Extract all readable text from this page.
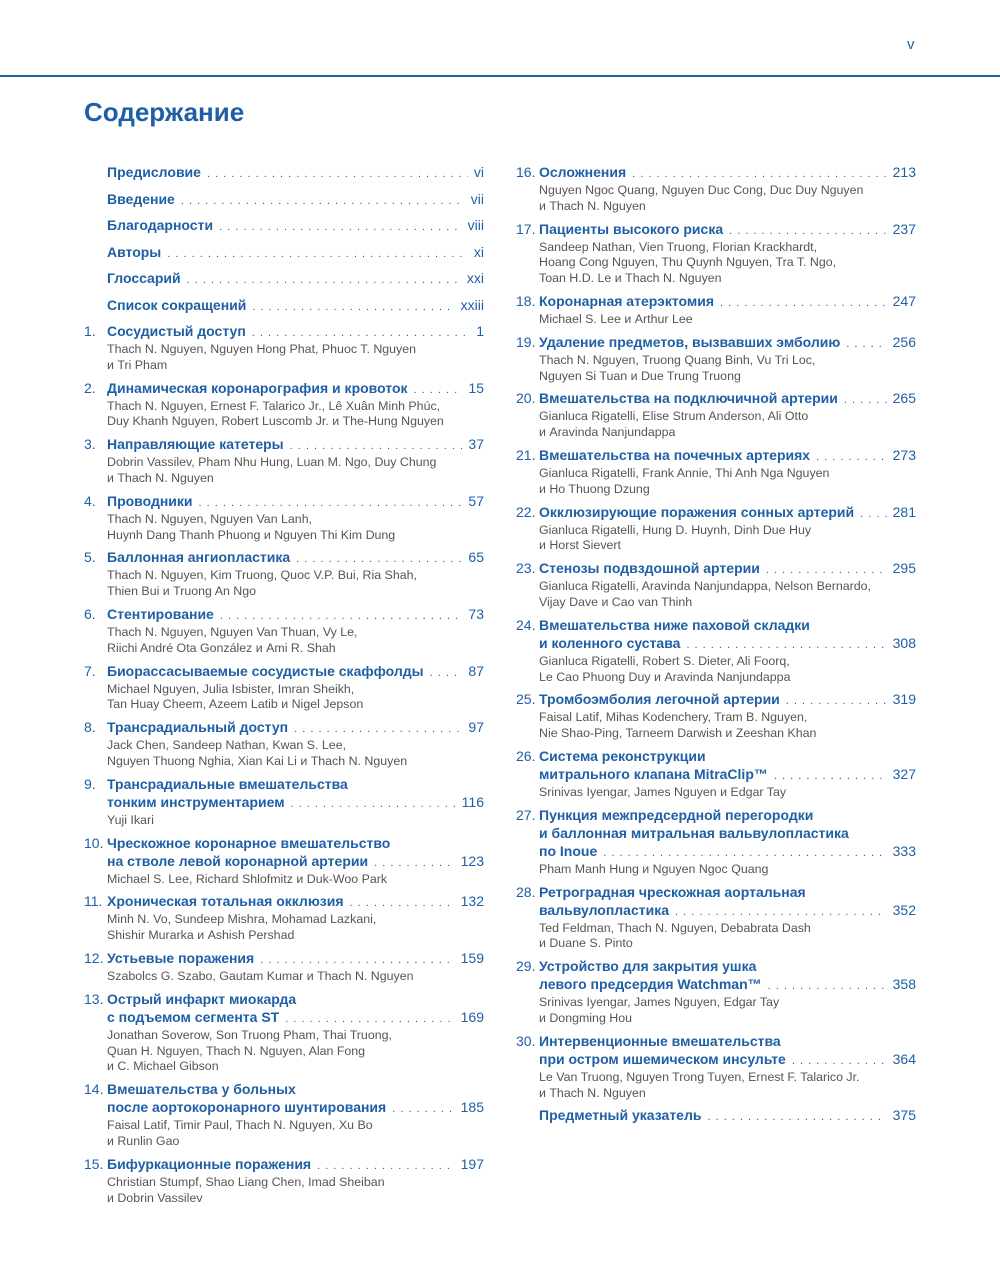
v
Содержание
Предисловие . . .	vi
Введение . . .	vii
Благодарности . . .	viii
Авторы . . .	xi
Глоссарий . . .	xxi
Список сокращений . . .	xxiii
1. Сосудистый доступ . . .	1
Thach N. Nguyen, Nguyen Hong Phat, Phuoc T. Nguyen
и Tri Pham
2. Динамическая коронарография и кровоток . . .	15
Thach N. Nguyen, Ernest F. Talarico Jr., Lê Xuân Minh Phúc,
Duy Khanh Nguyen, Robert Luscomb Jr. и The-Hung Nguyen
3. Направляющие катетеры . . .	37
Dobrin Vassilev, Pham Nhu Hung, Luan M. Ngo, Duy Chung
и Thach N. Nguyen
4. Проводники . . .	57
Thach N. Nguyen, Nguyen Van Lanh,
Huynh Dang Thanh Phuong и Nguyen Thi Kim Dung
5. Баллонная ангиопластика . . .	65
Thach N. Nguyen, Kim Truong, Quoc V.P. Bui, Ria Shah,
Thien Bui и Truong An Ngo
6. Стентирование . . .	73
Thach N. Nguyen, Nguyen Van Thuan, Vy Le,
Riichi André Ota González и Ami R. Shah
7. Биорассасываемые сосудистые скаффолды . . .	87
Michael Nguyen, Julia Isbister, Imran Sheikh,
Tan Huay Cheem, Azeem Latib и Nigel Jepson
8. Трансрадиальный доступ . . .	97
Jack Chen, Sandeep Nathan, Kwan S. Lee,
Nguyen Thuong Nghia, Xian Kai Li и Thach N. Nguyen
9. Трансрадиальные вмешательства
тонким инструментарием . . .	116
Yuji Ikari
10. Чрескожное коронарное вмешательство
на стволе левой коронарной артерии . . .	123
Michael S. Lee, Richard Shlofmitz и Duk-Woo Park
11. Хроническая тотальная окклюзия . . .	132
Minh N. Vo, Sundeep Mishra, Mohamad Lazkani,
Shishir Murarka и Ashish Pershad
12. Устьевые поражения . . .	159
Szabolcs G. Szabo, Gautam Kumar и Thach N. Nguyen
13. Острый инфаркт миокарда
с подъемом сегмента ST . . .	169
Jonathan Soverow, Son Truong Pham, Thai Truong,
Quan H. Nguyen, Thach N. Nguyen, Alan Fong
и C. Michael Gibson
14. Вмешательства у больных
после аортокоронарного шунтирования . . .	185
Faisal Latif, Timir Paul, Thach N. Nguyen, Xu Bo
и Runlin Gao
15. Бифуркационные поражения . . .	197
Christian Stumpf, Shao Liang Chen, Imad Sheiban
и Dobrin Vassilev
16. Осложнения . . .	213
Nguyen Ngoc Quang, Nguyen Duc Cong, Duc Duy Nguyen
и Thach N. Nguyen
17. Пациенты высокого риска . . .	237
Sandeep Nathan, Vien Truong, Florian Krackhardt,
Hoang Cong Nguyen, Thu Quynh Nguyen, Tra T. Ngo,
Toan H.D. Le и Thach N. Nguyen
18. Коронарная атерэктомия . . .	247
Michael S. Lee и Arthur Lee
19. Удаление предметов, вызвавших эмболию . . .	256
Thach N. Nguyen, Truong Quang Binh, Vu Tri Loc,
Nguyen Si Tuan и Due Trung Truong
20. Вмешательства на подключичной артерии . . .	265
Gianluca Rigatelli, Elise Strum Anderson, Ali Otto
и Aravinda Nanjundappa
21. Вмешательства на почечных артериях . . .	273
Gianluca Rigatelli, Frank Annie, Thi Anh Nga Nguyen
и Ho Thuong Dzung
22. Окклюзирующие поражения сонных артерий . . .	281
Gianluca Rigatelli, Hung D. Huynh, Dinh Due Huy
и Horst Sievert
23. Стенозы подвздошной артерии . . .	295
Gianluca Rigatelli, Aravinda Nanjundappa, Nelson Bernardo,
Vijay Dave и Cao van Thinh
24. Вмешательства ниже паховой складки
и коленного сустава . . .	308
Gianluca Rigatelli, Robert S. Dieter, Ali Foorq,
Le Cao Phuong Duy и Aravinda Nanjundappa
25. Тромбоэмболия легочной артерии . . .	319
Faisal Latif, Mihas Kodenchery, Tram B. Nguyen,
Nie Shao-Ping, Tarneem Darwish и Zeeshan Khan
26. Система реконструкции
митрального клапана MitraClip™ . . .	327
Srinivas Iyengar, James Nguyen и Edgar Tay
27. Пункция межпредсердной перегородки
и баллонная митральная вальвулопластика
по Inoue . . .	333
Pham Manh Hung и Nguyen Ngoc Quang
28. Ретроградная чрескожная аортальная
вальвулопластика . . .	352
Ted Feldman, Thach N. Nguyen, Debabrata Dash
и Duane S. Pinto
29. Устройство для закрытия ушка
левого предсердия Watchman™ . . .	358
Srinivas Iyengar, James Nguyen, Edgar Tay
и Dongming Hou
30. Интервенционные вмешательства
при остром ишемическом инсульте . . .	364
Le Van Truong, Nguyen Trong Tuyen, Ernest F. Talarico Jr.
и Thach N. Nguyen
Предметный указатель . . .	375
